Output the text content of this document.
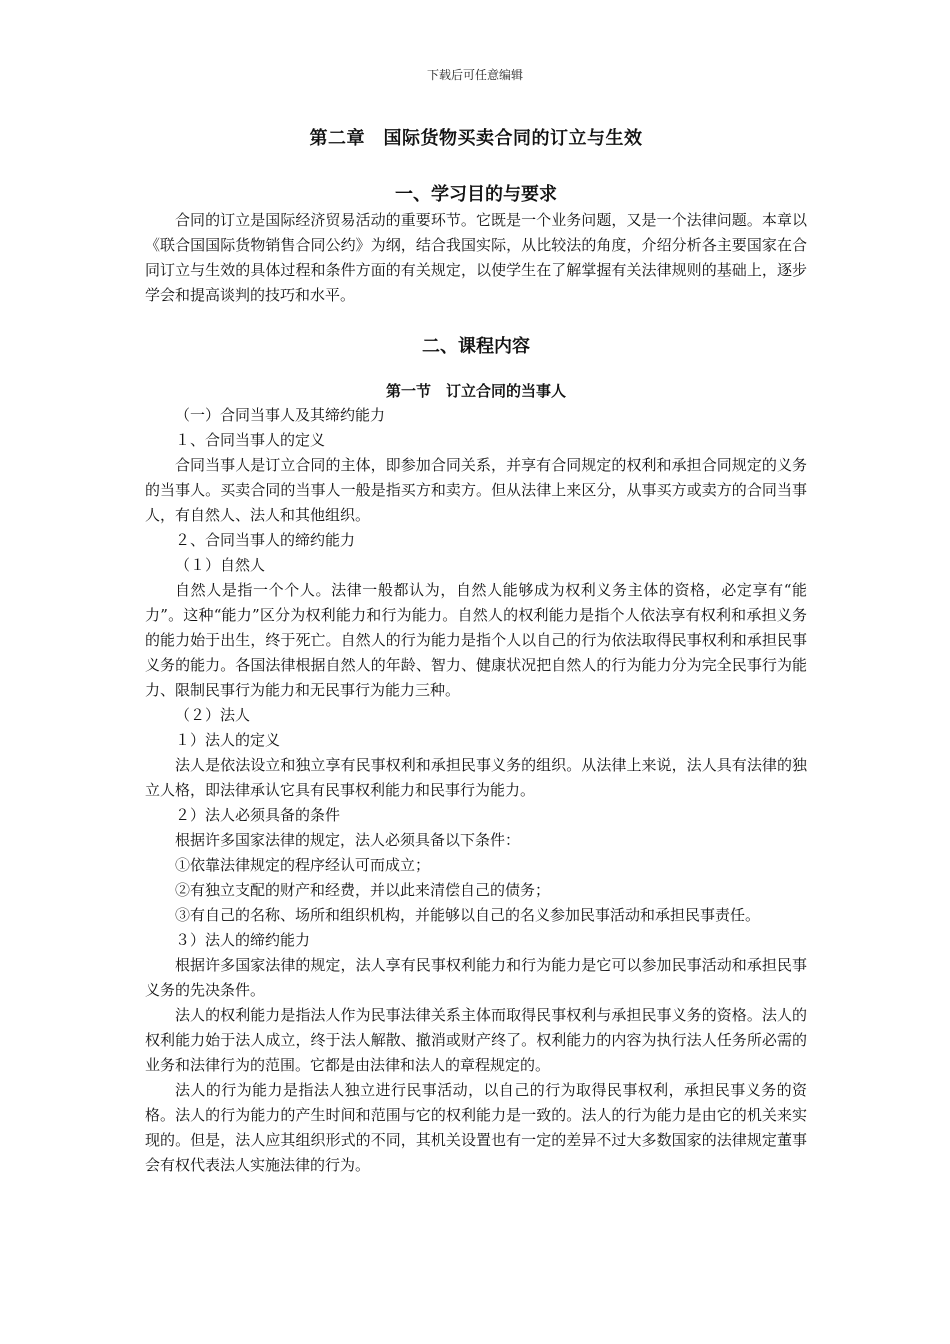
下载后可任意编辑
第二章　国际货物买卖合同的订立与生效
一、学习目的与要求

合同的订立是国际经济贸易活动的重要环节。它既是一个业务问题，又是一个法律问题。本章以《联合国国际货物销售合同公约》为纲，结合我国实际，从比较法的角度，介绍分析各主要国家在合同订立与生效的具体过程和条件方面的有关规定，以使学生在了解掌握有关法律规则的基础上，逐步学会和提高谈判的技巧和水平。

二、课程内容
第一节　订立合同的当事人

（一）合同当事人及其缔约能力

１、合同当事人的定义

合同当事人是订立合同的主体，即参加合同关系，并享有合同规定的权利和承担合同规定的义务的当事人。买卖合同的当事人一般是指买方和卖方。但从法律上来区分，从事买方或卖方的合同当事人，有自然人、法人和其他组织。

２、合同当事人的缔约能力

（１）自然人

自然人是指一个个人。法律一般都认为，自然人能够成为权利义务主体的资格，必定享有“能力”。这种“能力”区分为权利能力和行为能力。自然人的权利能力是指个人依法享有权利和承担义务的能力始于出生，终于死亡。自然人的行为能力是指个人以自己的行为依法取得民事权利和承担民事义务的能力。各国法律根据自然人的年龄、智力、健康状况把自然人的行为能力分为完全民事行为能力、限制民事行为能力和无民事行为能力三种。

（２）法人

１）法人的定义

法人是依法设立和独立享有民事权利和承担民事义务的组织。从法律上来说，法人具有法律的独立人格，即法律承认它具有民事权利能力和民事行为能力。

２）法人必须具备的条件

根据许多国家法律的规定，法人必须具备以下条件：

①依靠法律规定的程序经认可而成立；

②有独立支配的财产和经费，并以此来清偿自己的债务；

③有自己的名称、场所和组织机构，并能够以自己的名义参加民事活动和承担民事责任。

３）法人的缔约能力

根据许多国家法律的规定，法人享有民事权利能力和行为能力是它可以参加民事活动和承担民事义务的先决条件。

法人的权利能力是指法人作为民事法律关系主体而取得民事权利与承担民事义务的资格。法人的权利能力始于法人成立，终于法人解散、撤消或财产终了。权利能力的内容为执行法人任务所必需的业务和法律行为的范围。它都是由法律和法人的章程规定的。

法人的行为能力是指法人独立进行民事活动，以自己的行为取得民事权利，承担民事义务的资格。法人的行为能力的产生时间和范围与它的权利能力是一致的。法人的行为能力是由它的机关来实现的。但是，法人应其组织形式的不同，其机关设置也有一定的差异不过大多数国家的法律规定董事会有权代表法人实施法律的行为。
